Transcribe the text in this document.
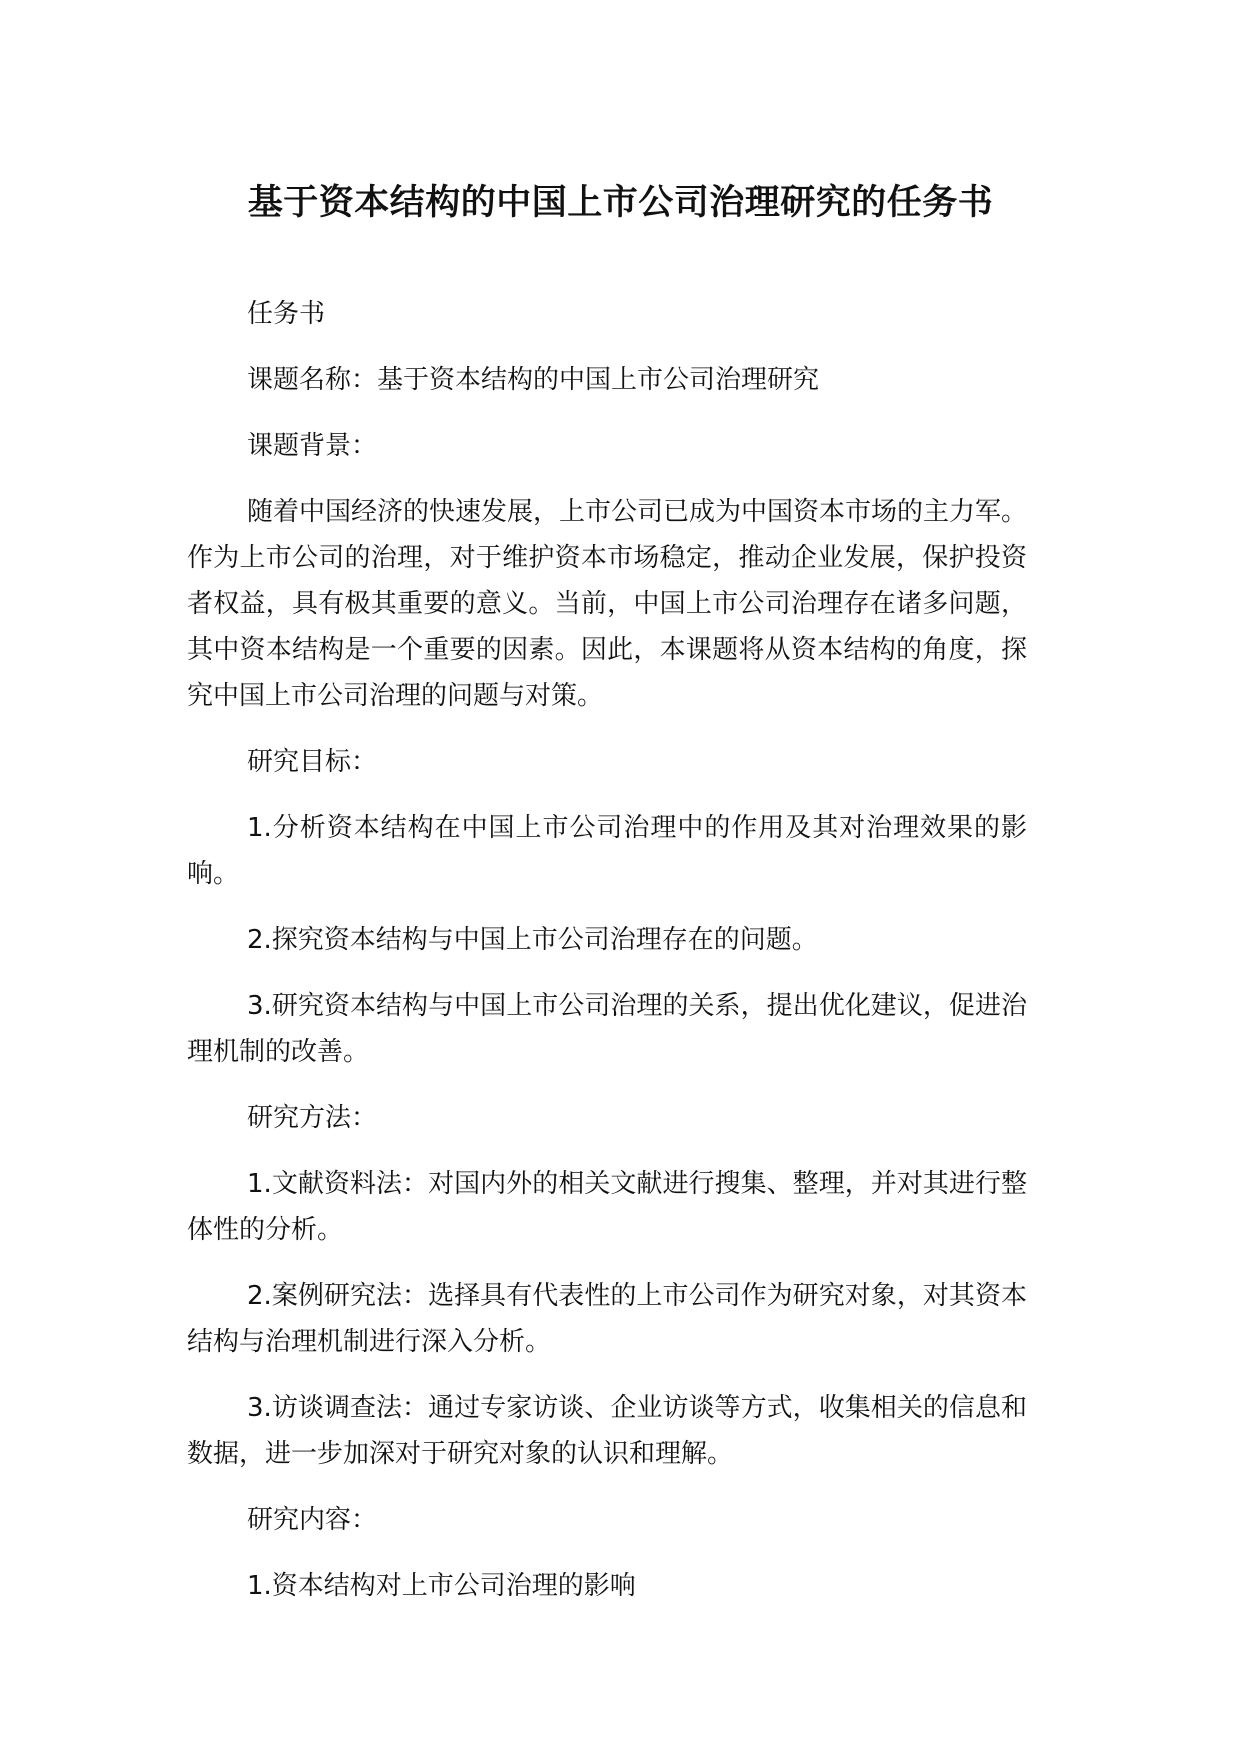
基于资本结构的中国上市公司治理研究的任务书

任务书

课题名称：基于资本结构的中国上市公司治理研究

课题背景：

随着中国经济的快速发展，上市公司已成为中国资本市场的主力军。作为上市公司的治理，对于维护资本市场稳定，推动企业发展，保护投资者权益，具有极其重要的意义。当前，中国上市公司治理存在诸多问题，其中资本结构是一个重要的因素。因此，本课题将从资本结构的角度，探究中国上市公司治理的问题与对策。

研究目标：

1.分析资本结构在中国上市公司治理中的作用及其对治理效果的影响。

2.探究资本结构与中国上市公司治理存在的问题。

3.研究资本结构与中国上市公司治理的关系，提出优化建议，促进治理机制的改善。

研究方法：

1.文献资料法：对国内外的相关文献进行搜集、整理，并对其进行整体性的分析。

2.案例研究法：选择具有代表性的上市公司作为研究对象，对其资本结构与治理机制进行深入分析。

3.访谈调查法：通过专家访谈、企业访谈等方式，收集相关的信息和数据，进一步加深对于研究对象的认识和理解。

研究内容：

1.资本结构对上市公司治理的影响
